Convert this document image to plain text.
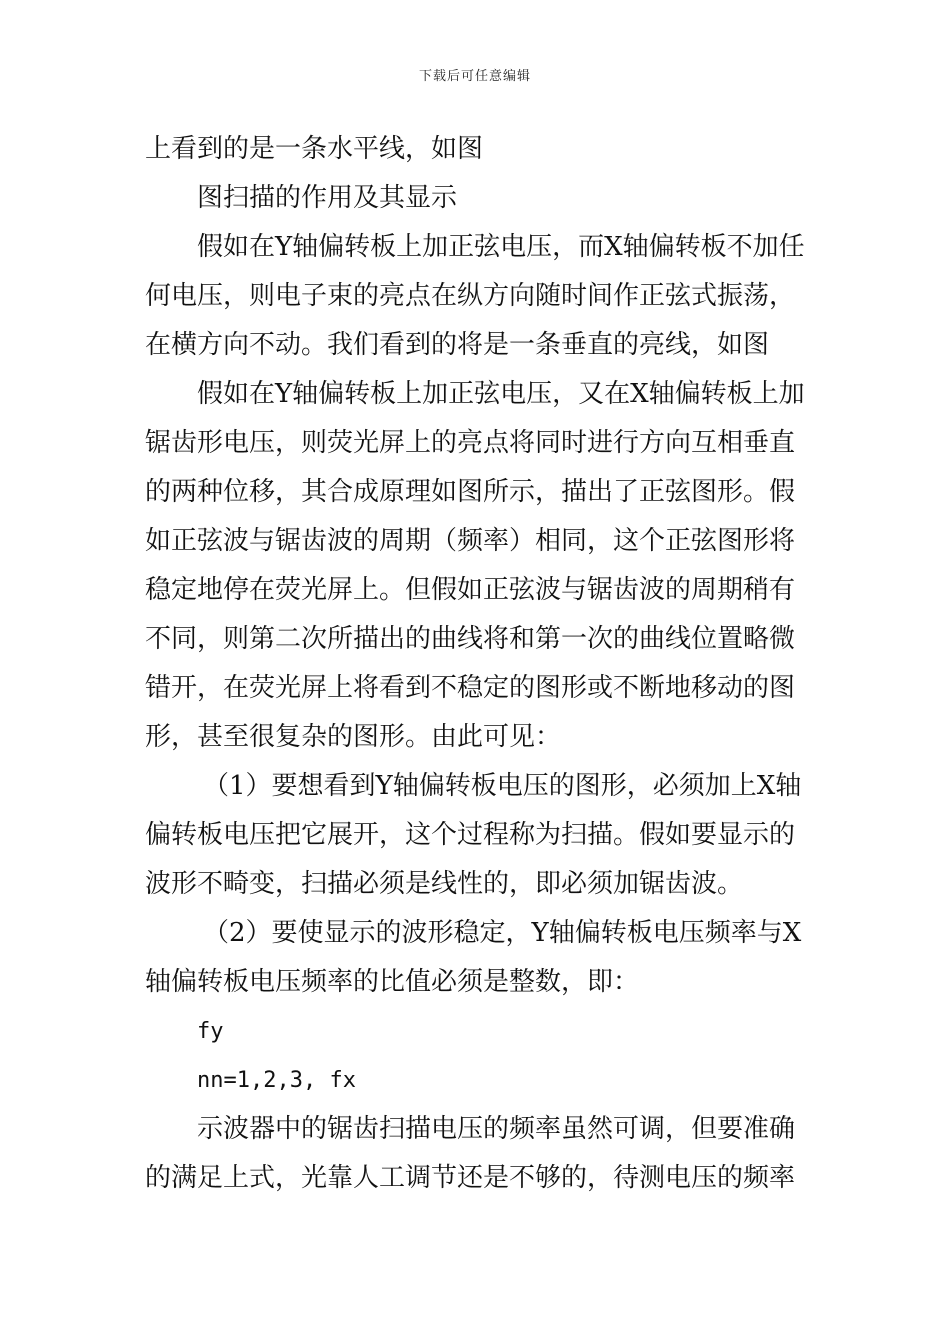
下载后可任意编辑
上看到的是一条水平线，如图
图扫描的作用及其显示
假如在Y轴偏转板上加正弦电压，而X轴偏转板不加任
何电压，则电子束的亮点在纵方向随时间作正弦式振荡，
在横方向不动。我们看到的将是一条垂直的亮线，如图
假如在Y轴偏转板上加正弦电压，又在X轴偏转板上加
锯齿形电压，则荧光屏上的亮点将同时进行方向互相垂直
的两种位移，其合成原理如图所示，描出了正弦图形。假
如正弦波与锯齿波的周期（频率）相同，这个正弦图形将
稳定地停在荧光屏上。但假如正弦波与锯齿波的周期稍有
不同，则第二次所描出的曲线将和第一次的曲线位置略微
错开，在荧光屏上将看到不稳定的图形或不断地移动的图
形，甚至很复杂的图形。由此可见：
（1）要想看到Y轴偏转板电压的图形，必须加上X轴
偏转板电压把它展开，这个过程称为扫描。假如要显示的
波形不畸变，扫描必须是线性的，即必须加锯齿波。
（2）要使显示的波形稳定，Y轴偏转板电压频率与X
轴偏转板电压频率的比值必须是整数，即：
fy
nn=1,2,3, fx
示波器中的锯齿扫描电压的频率虽然可调，但要准确
的满足上式，光靠人工调节还是不够的，待测电压的频率
